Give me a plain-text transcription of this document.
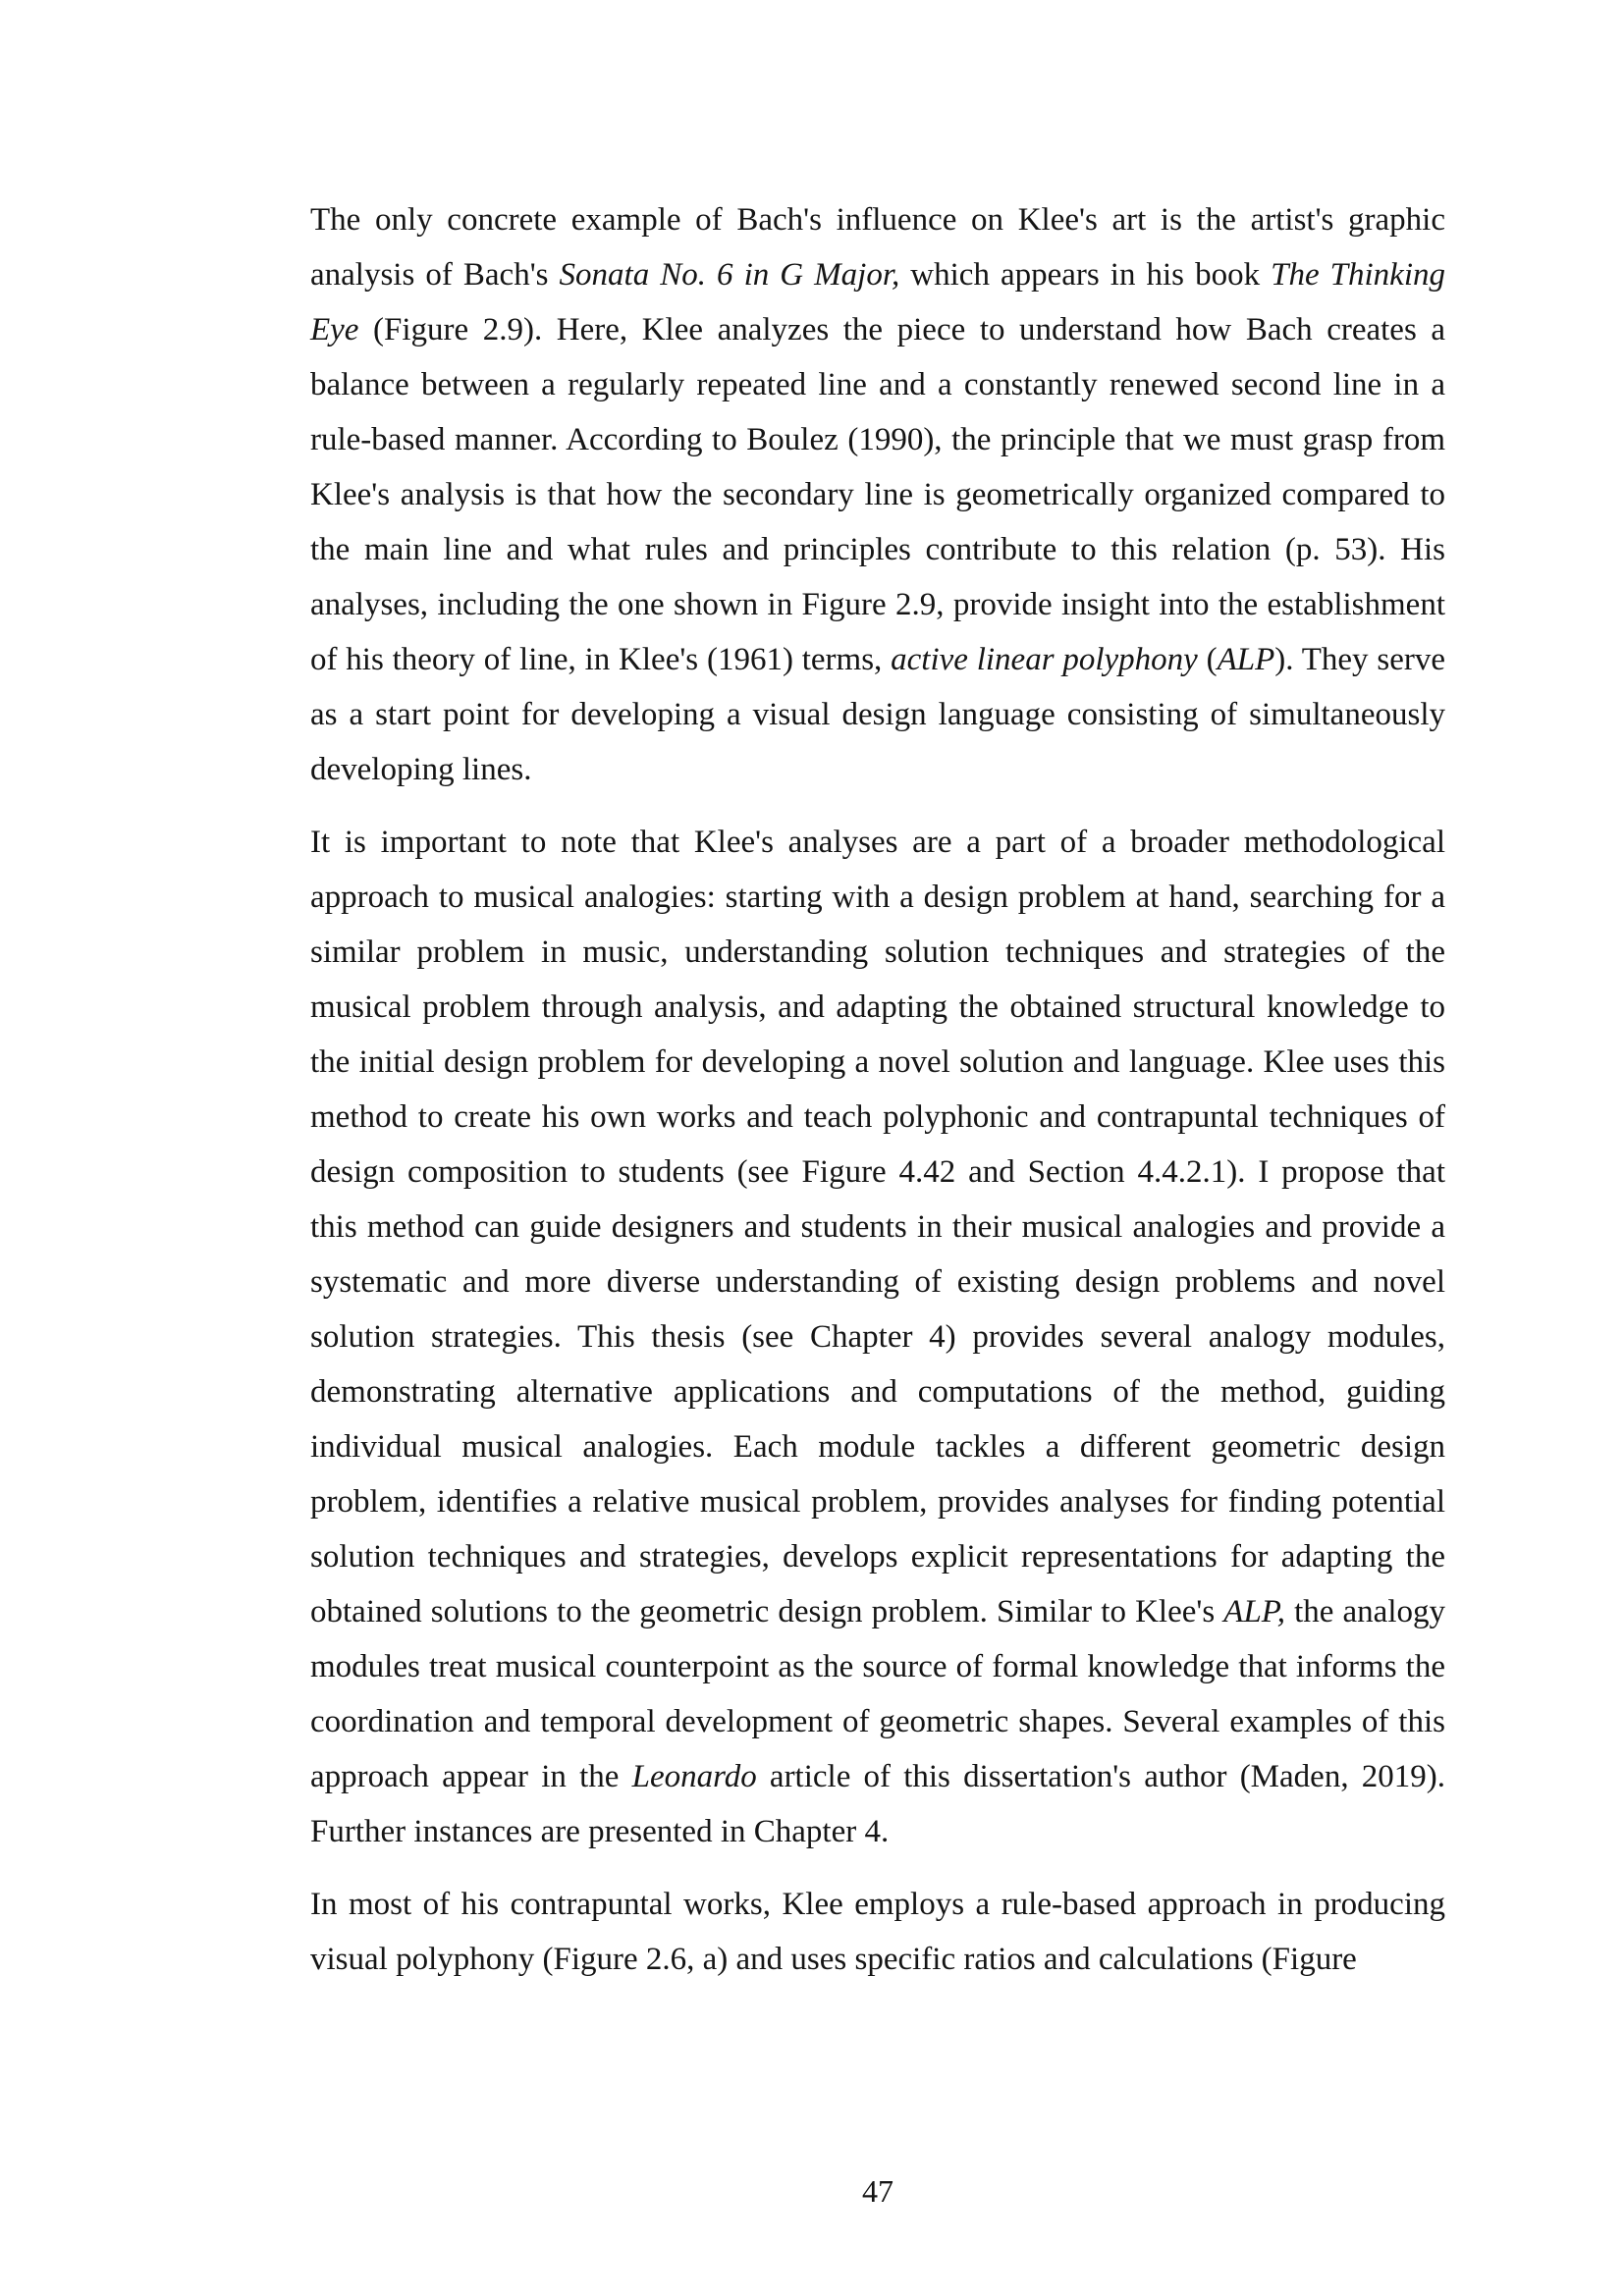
The only concrete example of Bach's influence on Klee's art is the artist's graphic analysis of Bach's Sonata No. 6 in G Major, which appears in his book The Thinking Eye (Figure 2.9). Here, Klee analyzes the piece to understand how Bach creates a balance between a regularly repeated line and a constantly renewed second line in a rule-based manner. According to Boulez (1990), the principle that we must grasp from Klee's analysis is that how the secondary line is geometrically organized compared to the main line and what rules and principles contribute to this relation (p. 53). His analyses, including the one shown in Figure 2.9, provide insight into the establishment of his theory of line, in Klee's (1961) terms, active linear polyphony (ALP). They serve as a start point for developing a visual design language consisting of simultaneously developing lines.

It is important to note that Klee's analyses are a part of a broader methodological approach to musical analogies: starting with a design problem at hand, searching for a similar problem in music, understanding solution techniques and strategies of the musical problem through analysis, and adapting the obtained structural knowledge to the initial design problem for developing a novel solution and language. Klee uses this method to create his own works and teach polyphonic and contrapuntal techniques of design composition to students (see Figure 4.42 and Section 4.4.2.1). I propose that this method can guide designers and students in their musical analogies and provide a systematic and more diverse understanding of existing design problems and novel solution strategies. This thesis (see Chapter 4) provides several analogy modules, demonstrating alternative applications and computations of the method, guiding individual musical analogies. Each module tackles a different geometric design problem, identifies a relative musical problem, provides analyses for finding potential solution techniques and strategies, develops explicit representations for adapting the obtained solutions to the geometric design problem. Similar to Klee's ALP, the analogy modules treat musical counterpoint as the source of formal knowledge that informs the coordination and temporal development of geometric shapes. Several examples of this approach appear in the Leonardo article of this dissertation's author (Maden, 2019). Further instances are presented in Chapter 4.

In most of his contrapuntal works, Klee employs a rule-based approach in producing visual polyphony (Figure 2.6, a) and uses specific ratios and calculations (Figure

47
